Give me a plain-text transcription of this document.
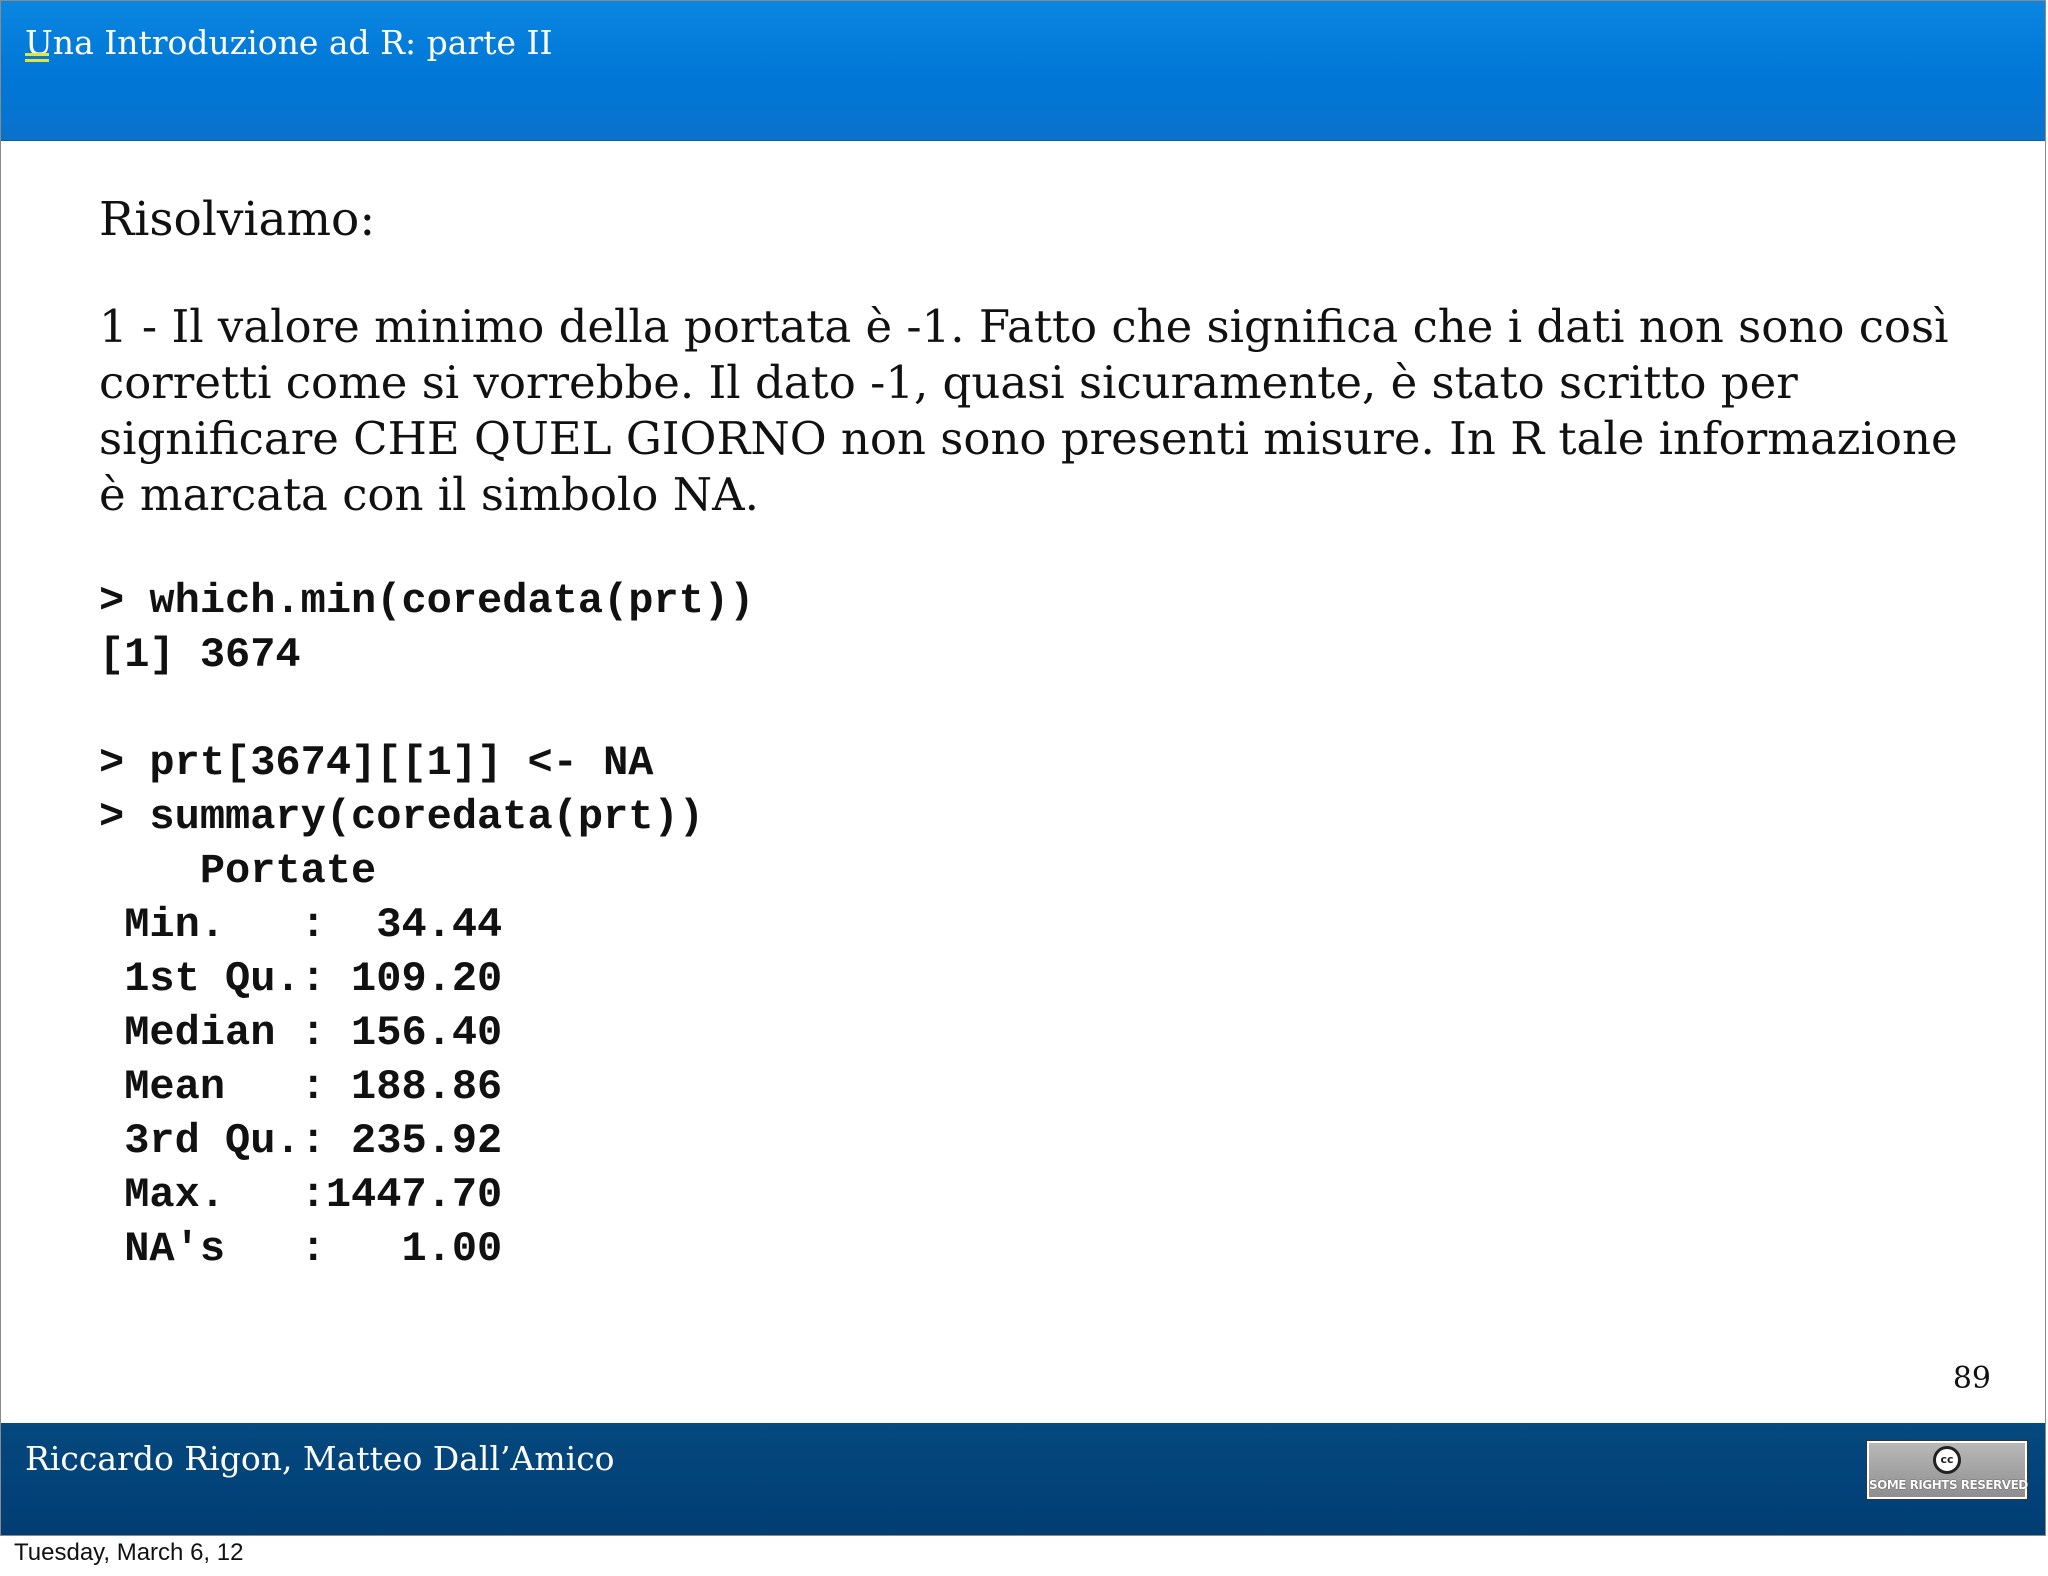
Una Introduzione ad R: parte II

Risolviamo:

1 - Il valore minimo della portata è -1. Fatto che significa che i dati non sono così corretti come si vorrebbe. Il dato -1, quasi sicuramente, è stato scritto per significare CHE QUEL GIORNO non sono presenti misure. In R tale informazione è marcata con il simbolo NA.

> which.min(coredata(prt))
[1] 3674
> prt[3674][[1]] <- NA
> summary(coredata(prt))
Portate
Min.   :  34.44
1st Qu.: 109.20
Median : 156.40
Mean   : 188.86
3rd Qu.: 235.92
Max.   :1447.70
NA's   :   1.00
89
Riccardo Rigon, Matteo Dall’Amico	cc
SOME RIGHTS RESERVED
Tuesday, March 6, 12
